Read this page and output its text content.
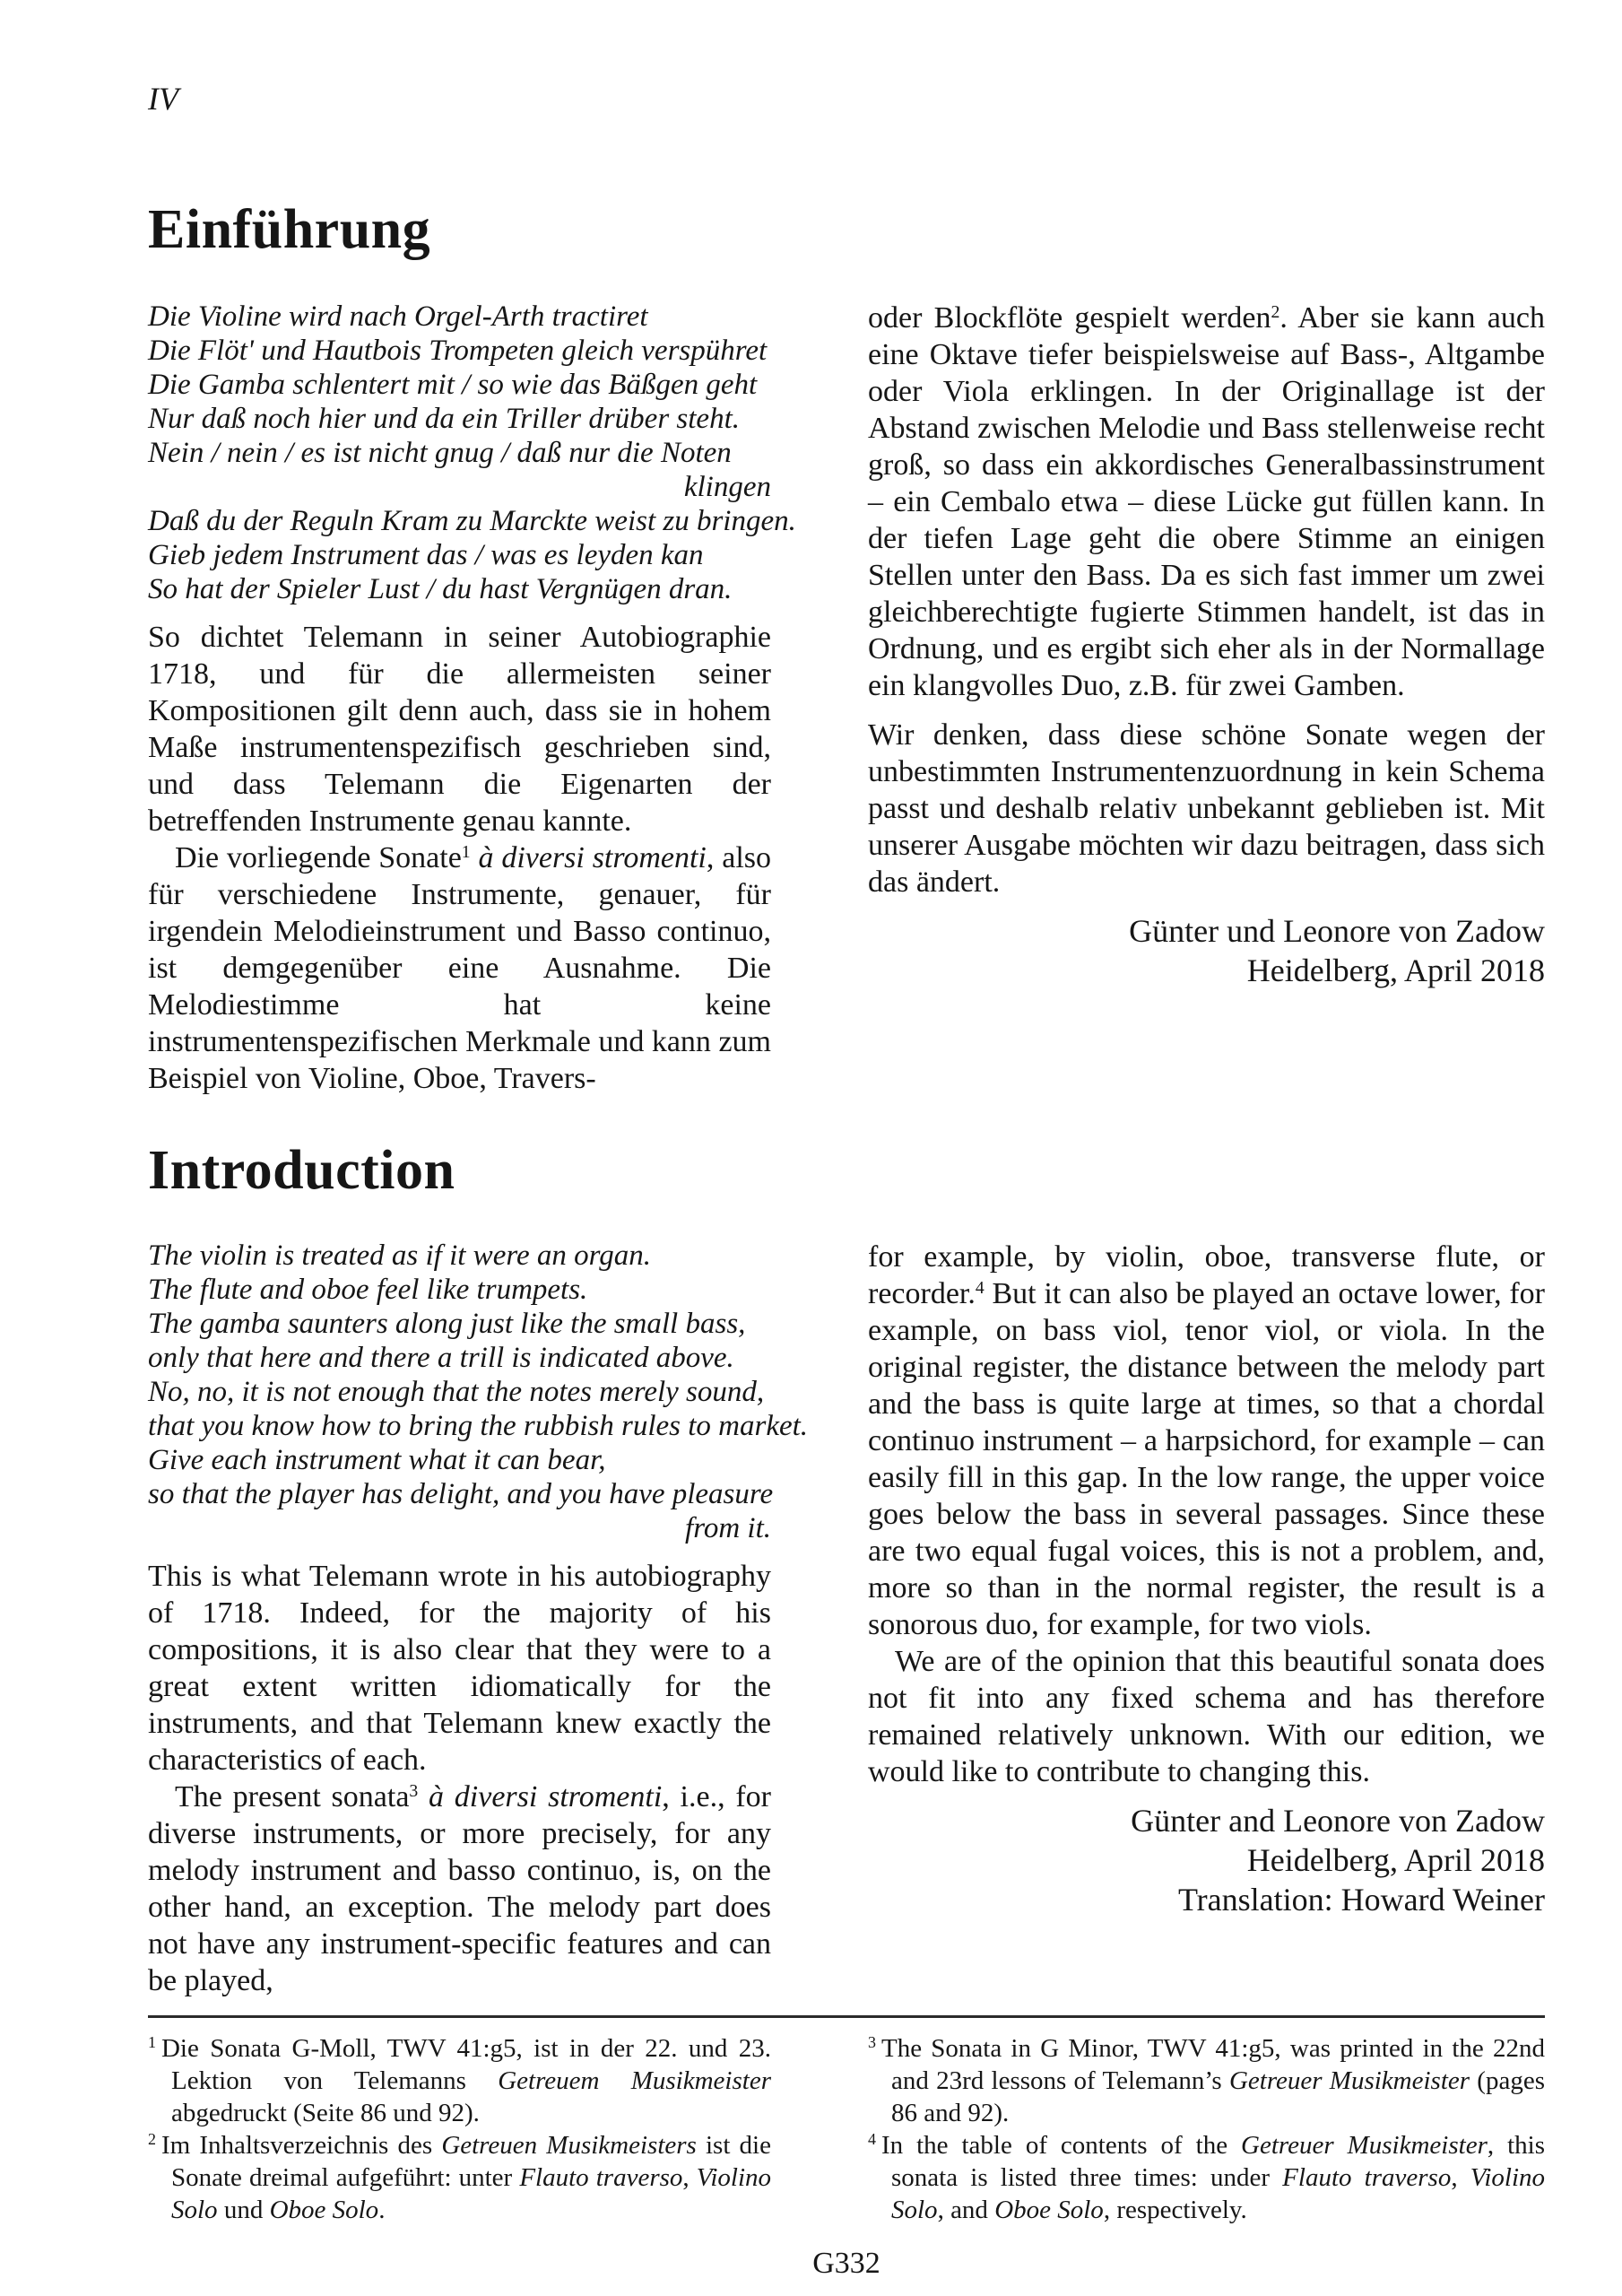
IV
Einführung
Die Violine wird nach Orgel-Arth tractiret
Die Flöt' und Hautbois Trompeten gleich verspühret
Die Gamba schlentert mit / so wie das Bäßgen geht
Nur daß noch hier und da ein Triller drüber steht.
Nein / nein / es ist nicht gnug / daß nur die Noten
klingen
Daß du der Reguln Kram zu Marckte weist zu bringen.
Gieb jedem Instrument das / was es leyden kan
So hat der Spieler Lust / du hast Vergnügen dran.

So dichtet Telemann in seiner Autobiographie 1718, und für die allermeisten seiner Kompositionen gilt denn auch, dass sie in hohem Maße instrumentenspezifisch geschrieben sind, und dass Telemann die Eigenarten der betreffenden Instrumente genau kannte.

Die vorliegende Sonate$^1$ à diversi stromenti, also für verschiedene Instrumente, genauer, für irgendein Melodieinstrument und Basso continuo, ist demgegenüber eine Ausnahme. Die Melodiestimme hat keine instrumentenspezifischen Merkmale und kann zum Beispiel von Violine, Oboe, Travers-

oder Blockflöte gespielt werden$^2$. Aber sie kann auch eine Oktave tiefer beispielsweise auf Bass-, Altgambe oder Viola erklingen. In der Originallage ist der Abstand zwischen Melodie und Bass stellenweise recht groß, so dass ein akkordisches Generalbassinstrument – ein Cembalo etwa – diese Lücke gut füllen kann. In der tiefen Lage geht die obere Stimme an einigen Stellen unter den Bass. Da es sich fast immer um zwei gleichberechtigte fugierte Stimmen handelt, ist das in Ordnung, und es ergibt sich eher als in der Normallage ein klangvolles Duo, z.B. für zwei Gamben.

Wir denken, dass diese schöne Sonate wegen der unbestimmten Instrumentenzuordnung in kein Schema passt und deshalb relativ unbekannt geblieben ist. Mit unserer Ausgabe möchten wir dazu beitragen, dass sich das ändert.

Günter und Leonore von Zadow
Heidelberg, April 2018
Introduction
The violin is treated as if it were an organ.
The flute and oboe feel like trumpets.
The gamba saunters along just like the small bass,
only that here and there a trill is indicated above.
No, no, it is not enough that the notes merely sound,
that you know how to bring the rubbish rules to market.
Give each instrument what it can bear,
so that the player has delight, and you have pleasure
from it.

This is what Telemann wrote in his autobiography of 1718. Indeed, for the majority of his compositions, it is also clear that they were to a great extent written idiomatically for the instruments, and that Telemann knew exactly the characteristics of each.

The present sonata$^3$ à diversi stromenti, i.e., for diverse instruments, or more precisely, for any melody instrument and basso continuo, is, on the other hand, an exception. The melody part does not have any instrument-specific features and can be played,

for example, by violin, oboe, transverse flute, or recorder.$^4$ But it can also be played an octave lower, for example, on bass viol, tenor viol, or viola. In the original register, the distance between the melody part and the bass is quite large at times, so that a chordal continuo instrument – a harpsichord, for example – can easily fill in this gap. In the low range, the upper voice goes below the bass in several passages. Since these are two equal fugal voices, this is not a problem, and, more so than in the normal register, the result is a sonorous duo, for example, for two viols.

We are of the opinion that this beautiful sonata does not fit into any fixed schema and has therefore remained relatively unknown. With our edition, we would like to contribute to changing this.

Günter and Leonore von Zadow
Heidelberg, April 2018
Translation: Howard Weiner
$^1$ Die Sonata G-Moll, TWV 41:g5, ist in der 22. und 23. Lektion von Telemanns Getreuem Musikmeister abgedruckt (Seite 86 und 92).
$^2$ Im Inhaltsverzeichnis des Getreuen Musikmeisters ist die Sonate dreimal aufgeführt: unter Flauto traverso, Violino Solo und Oboe Solo.
$^3$ The Sonata in G Minor, TWV 41:g5, was printed in the 22nd and 23rd lessons of Telemann’s Getreuer Musikmeister (pages 86 and 92).
$^4$ In the table of contents of the Getreuer Musikmeister, this sonata is listed three times: under Flauto traverso, Violino Solo, and Oboe Solo, respectively.
G332
